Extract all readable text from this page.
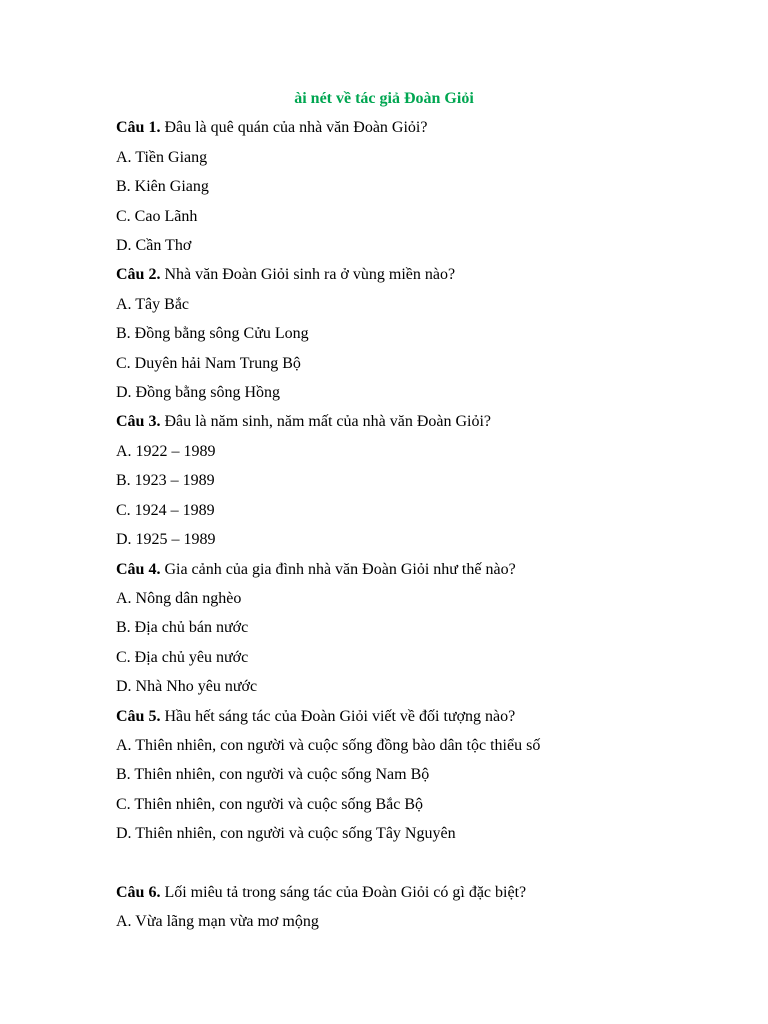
ài nét về tác giả Đoàn Giỏi
Câu 1. Đâu là quê quán của nhà văn Đoàn Giỏi?
A. Tiền Giang
B. Kiên Giang
C. Cao Lãnh
D. Cần Thơ
Câu 2. Nhà văn Đoàn Giỏi sinh ra ở vùng miền nào?
A. Tây Bắc
B. Đồng bằng sông Cửu Long
C. Duyên hải Nam Trung Bộ
D. Đồng bằng sông Hồng
Câu 3. Đâu là năm sinh, năm mất của nhà văn Đoàn Giỏi?
A. 1922 – 1989
B. 1923 – 1989
C. 1924 – 1989
D. 1925 – 1989
Câu 4. Gia cảnh của gia đình nhà văn Đoàn Giỏi như thế nào?
A. Nông dân nghèo
B. Địa chủ bán nước
C. Địa chủ yêu nước
D. Nhà Nho yêu nước
Câu 5. Hầu hết sáng tác của Đoàn Giỏi viết về đối tượng nào?
A. Thiên nhiên, con người và cuộc sống đồng bào dân tộc thiểu số
B. Thiên nhiên, con người và cuộc sống Nam Bộ
C. Thiên nhiên, con người và cuộc sống Bắc Bộ
D. Thiên nhiên, con người và cuộc sống Tây Nguyên
Câu 6. Lối miêu tả trong sáng tác của Đoàn Giỏi có gì đặc biệt?
A. Vừa lãng mạn vừa mơ mộng
